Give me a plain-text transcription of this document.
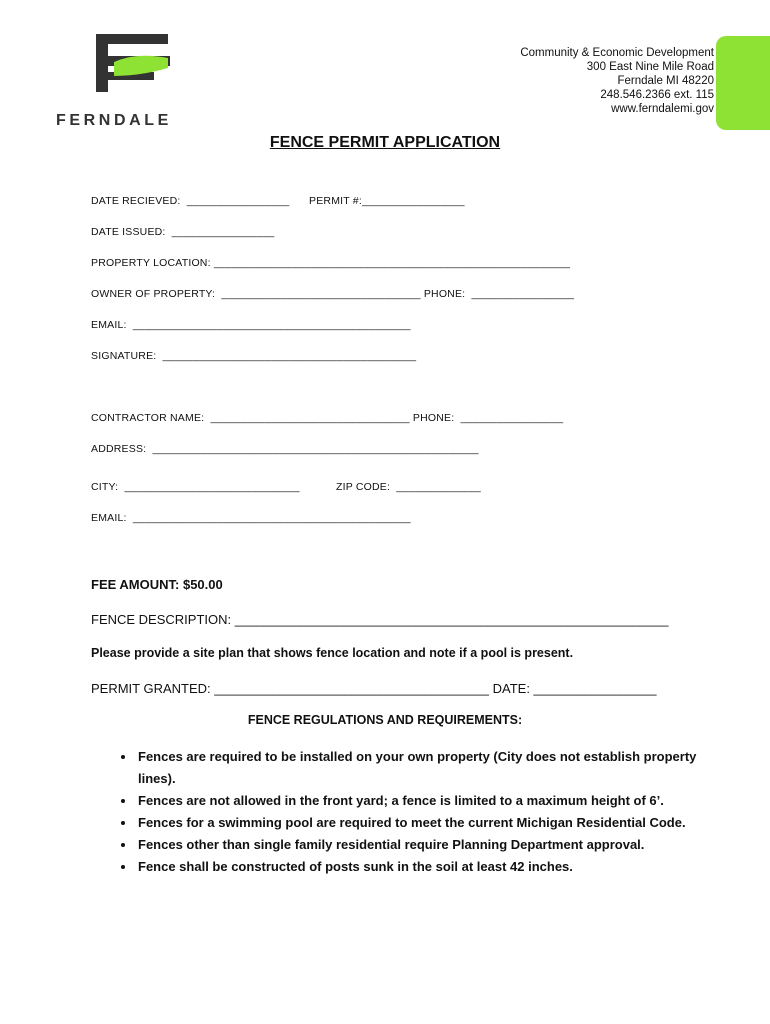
FERNDALE
Community & Economic Development
300 East Nine Mile Road
Ferndale MI 48220
248.546.2366 ext. 115
www.ferndalemi.gov
FENCE PERMIT APPLICATION
DATE RECIEVED:  _________________ PERMIT #:_________________
DATE ISSUED:  _________________
PROPERTY LOCATION: ___________________________________________________________
OWNER OF PROPERTY:  _________________________________ PHONE:  _________________
EMAIL:  ______________________________________________
SIGNATURE:  __________________________________________
CONTRACTOR NAME:  _________________________________ PHONE:  _________________
ADDRESS:  ______________________________________________________
CITY:  _____________________________	ZIP CODE:  ______________
EMAIL:  ______________________________________________
FEE AMOUNT: $50.00
FENCE DESCRIPTION: ____________________________________________________________
Please provide a site plan that shows fence location and note if a pool is present.
PERMIT GRANTED: ______________________________________ DATE: _________________
FENCE REGULATIONS AND REQUIREMENTS:
• Fences are required to be installed on your own property (City does not establish property lines).
• Fences are not allowed in the front yard; a fence is limited to a maximum height of 6’.
• Fences for a swimming pool are required to meet the current Michigan Residential Code.
• Fences other than single family residential require Planning Department approval.
• Fence shall be constructed of posts sunk in the soil at least 42 inches.
